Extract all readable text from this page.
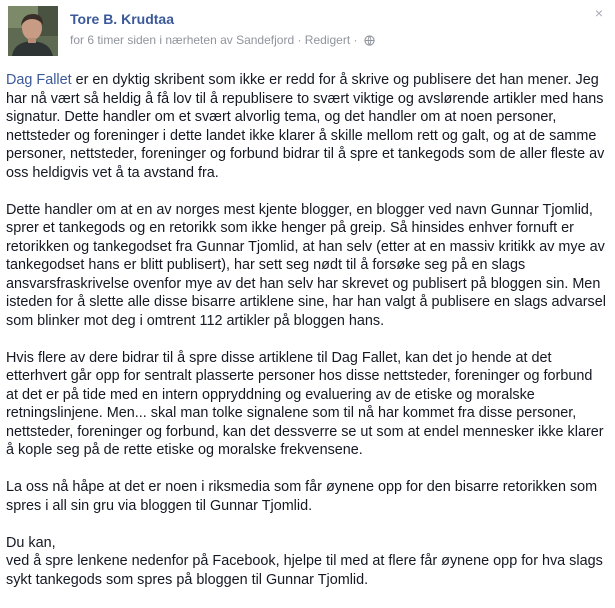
Tore B. Krudtaa
for 6 timer siden i nærheten av Sandefjord · Redigert ·
×

Dag Fallet er en dyktig skribent som ikke er redd for å skrive og publisere det han mener. Jeg har nå vært så heldig å få lov til å republisere to svært viktige og avslørende artikler med hans signatur. Dette handler om et svært alvorlig tema, og det handler om at noen personer, nettsteder og foreninger i dette landet ikke klarer å skille mellom rett og galt, og at de samme personer, nettsteder, foreninger og forbund bidrar til å spre et tankegods som de aller fleste av oss heldigvis vet å ta avstand fra.

Dette handler om at en av norges mest kjente blogger, en blogger ved navn Gunnar Tjomlid, sprer et tankegods og en retorikk som ikke henger på greip. Så hinsides enhver fornuft er retorikken og tankegodset fra Gunnar Tjomlid, at han selv (etter at en massiv kritikk av mye av tankegodset hans er blitt publisert), har sett seg nødt til å forsøke seg på en slags ansvarsfraskrivelse ovenfor mye av det han selv har skrevet og publisert på bloggen sin. Men isteden for å slette alle disse bisarre artiklene sine, har han valgt å publisere en slags advarsel som blinker mot deg i omtrent 112 artikler på bloggen hans.

Hvis flere av dere bidrar til å spre disse artiklene til Dag Fallet, kan det jo hende at det etterhvert går opp for sentralt plasserte personer hos disse nettsteder, foreninger og forbund at det er på tide med en intern oppryddning og evaluering av de etiske og moralske retningslinjene. Men... skal man tolke signalene som til nå har kommet fra disse personer, nettsteder, foreninger og forbund, kan det dessverre se ut som at endel mennesker ikke klarer å kople seg på de rette etiske og moralske frekvensene.

La oss nå håpe at det er noen i riksmedia som får øynene opp for den bisarre retorikken som spres i all sin gru via bloggen til Gunnar Tjomlid.

Du kan,
ved å spre lenkene nedenfor på Facebook, hjelpe til med at flere får øynene opp for hva slags sykt tankegods som spres på bloggen til Gunnar Tjomlid.
